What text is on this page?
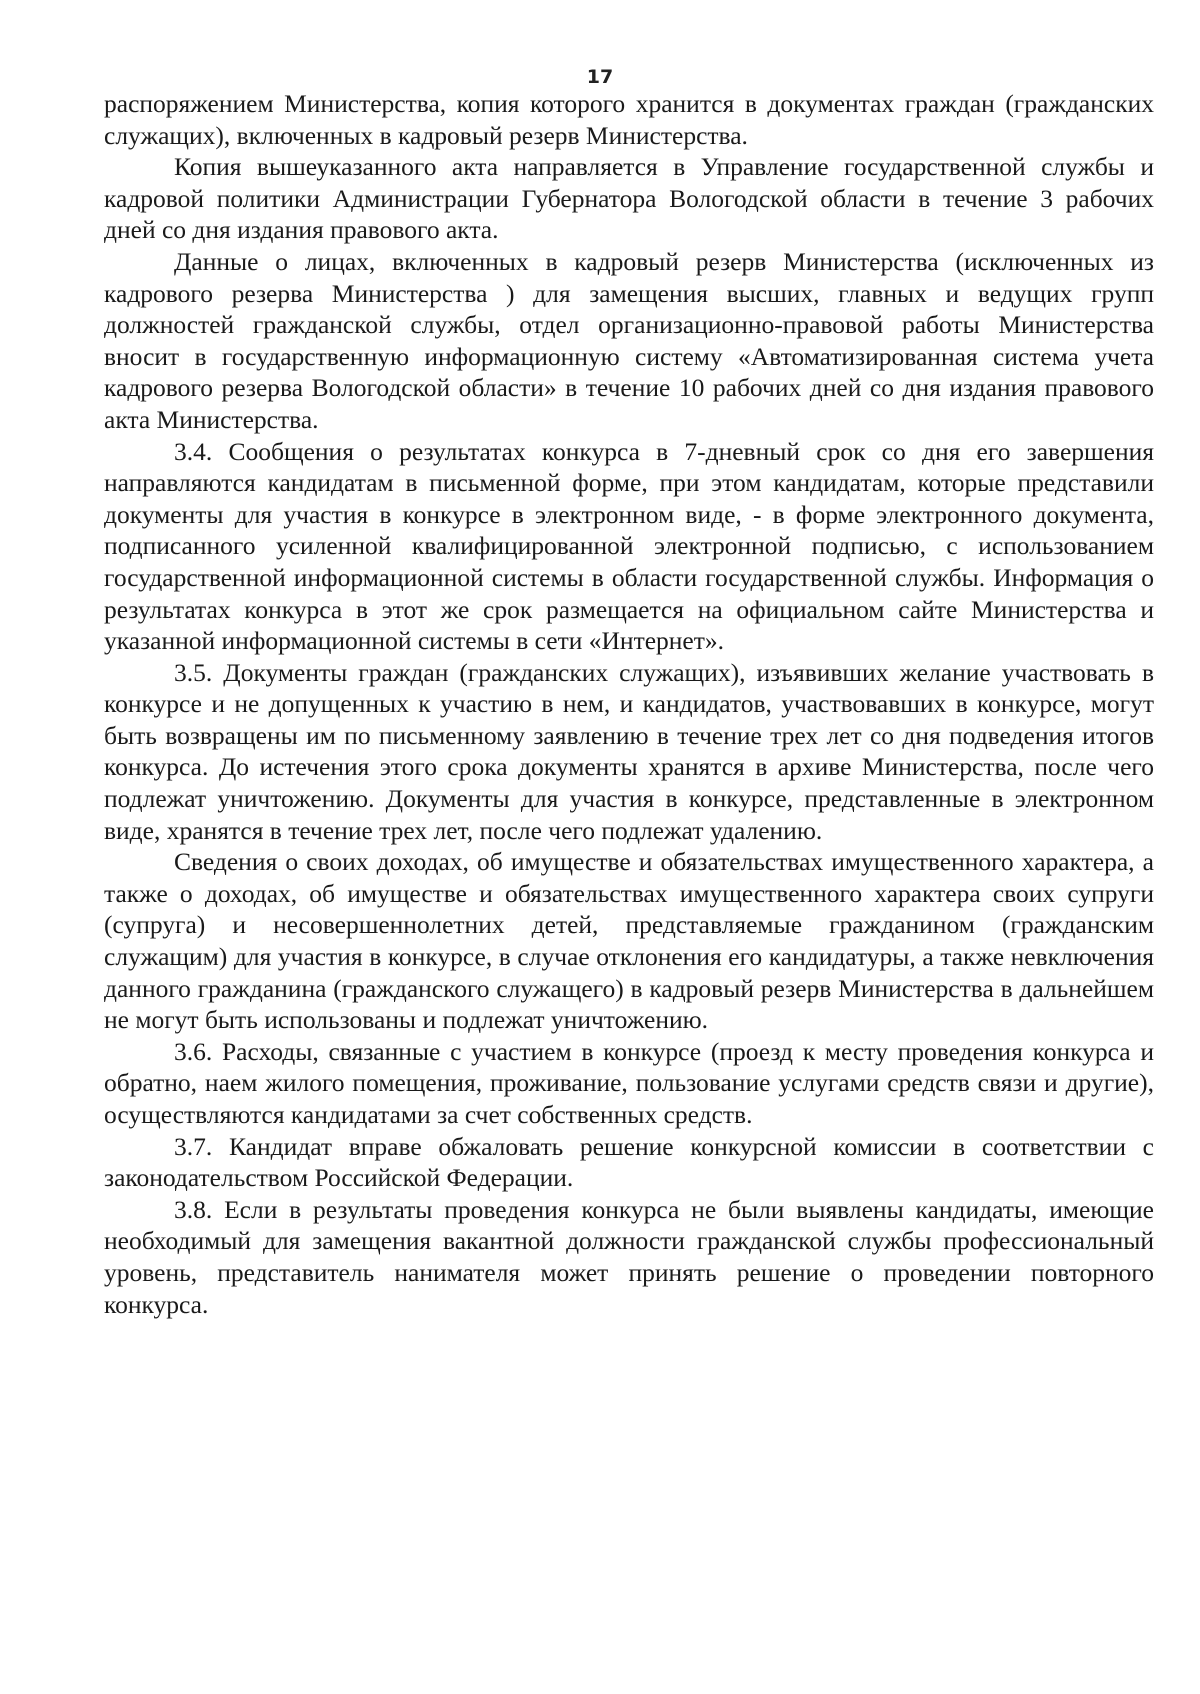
17

распоряжением Министерства, копия которого хранится в документах граждан (гражданских служащих), включенных в кадровый резерв Министерства.

Копия вышеуказанного акта направляется в Управление государственной службы и кадровой политики Администрации Губернатора Вологодской области в течение 3 рабочих дней со дня издания правового акта.

Данные о лицах, включенных в кадровый резерв Министерства (исключенных из кадрового резерва Министерства ) для замещения высших, главных и ведущих групп должностей гражданской службы, отдел организационно-правовой работы Министерства вносит в государственную информационную систему «Автоматизированная система учета кадрового резерва Вологодской области» в течение 10 рабочих дней со дня издания правового акта Министерства.

3.4. Сообщения о результатах конкурса в 7-дневный срок со дня его завершения направляются кандидатам в письменной форме, при этом кандидатам, которые представили документы для участия в конкурсе в электронном виде, - в форме электронного документа, подписанного усиленной квалифицированной электронной подписью, с использованием государственной информационной системы в области государственной службы. Информация о результатах конкурса в этот же срок размещается на официальном сайте Министерства и указанной информационной системы в сети «Интернет».

3.5. Документы граждан (гражданских служащих), изъявивших желание участвовать в конкурсе и не допущенных к участию в нем, и кандидатов, участвовавших в конкурсе, могут быть возвращены им по письменному заявлению в течение трех лет со дня подведения итогов конкурса. До истечения этого срока документы хранятся в архиве Министерства, после чего подлежат уничтожению. Документы для участия в конкурсе, представленные в электронном виде, хранятся в течение трех лет, после чего подлежат удалению.

Сведения о своих доходах, об имуществе и обязательствах имущественного характера, а также о доходах, об имуществе и обязательствах имущественного характера своих супруги (супруга) и несовершеннолетних детей, представляемые гражданином (гражданским служащим) для участия в конкурсе, в случае отклонения его кандидатуры, а также невключения данного гражданина (гражданского служащего) в кадровый резерв Министерства в дальнейшем не могут быть использованы и подлежат уничтожению.

3.6. Расходы, связанные с участием в конкурсе (проезд к месту проведения конкурса и обратно, наем жилого помещения, проживание, пользование услугами средств связи и другие), осуществляются кандидатами за счет собственных средств.

3.7. Кандидат вправе обжаловать решение конкурсной комиссии в соответствии с законодательством Российской Федерации.

3.8. Если в результаты проведения конкурса не были выявлены кандидаты, имеющие необходимый для замещения вакантной должности гражданской службы профессиональный уровень, представитель нанимателя может принять решение о проведении повторного конкурса.
